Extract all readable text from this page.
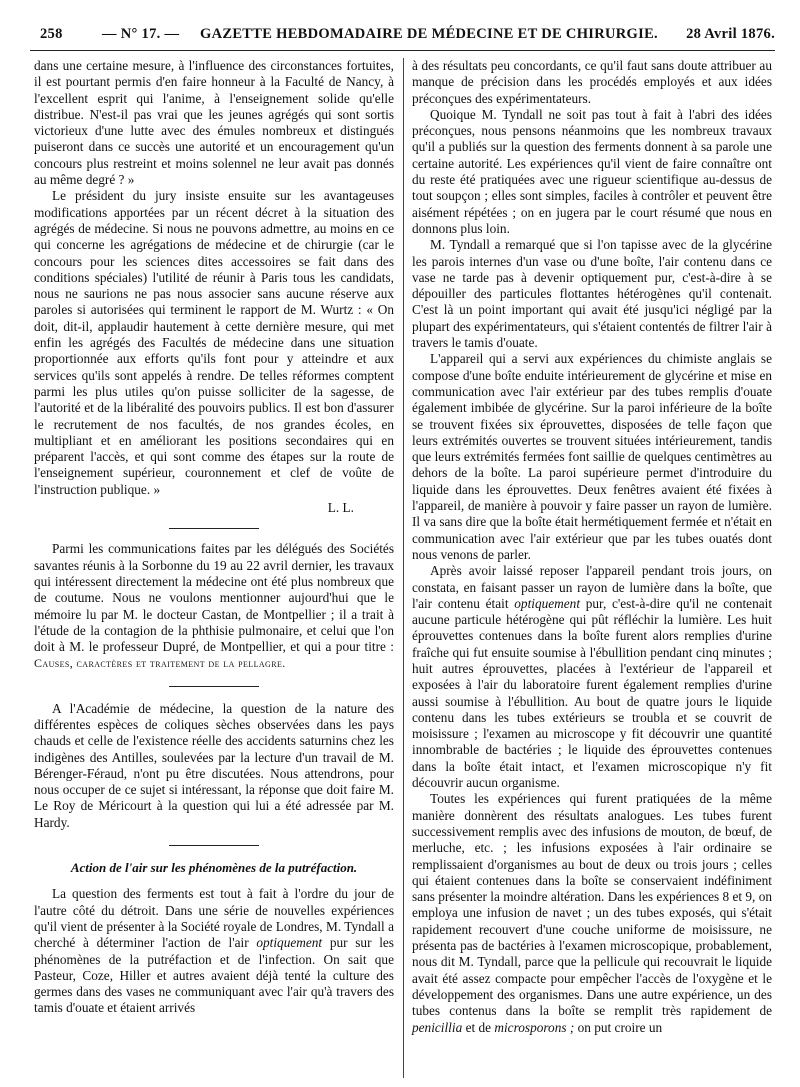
258	— N° 17. — GAZETTE HEBDOMADAIRE DE MÉDECINE ET DE CHIRURGIE. 28 Avril 1876.

dans une certaine mesure, à l'influence des circonstances fortuites, il est pourtant permis d'en faire honneur à la Faculté de Nancy, à l'excellent esprit qui l'anime, à l'enseignement solide qu'elle distribue. N'est-il pas vrai que les jeunes agrégés qui sont sortis victorieux d'une lutte avec des émules nombreux et distingués puiseront dans ce succès une autorité et un encouragement qu'un concours plus restreint et moins solennel ne leur avait pas donnés au même degré ? »

Le président du jury insiste ensuite sur les avantageuses modifications apportées par un récent décret à la situation des agrégés de médecine. Si nous ne pouvons admettre, au moins en ce qui concerne les agrégations de médecine et de chirurgie (car le concours pour les sciences dites accessoires se fait dans des conditions spéciales) l'utilité de réunir à Paris tous les candidats, nous ne saurions ne pas nous associer sans aucune réserve aux paroles si autorisées qui terminent le rapport de M. Wurtz : « On doit, dit-il, applaudir hautement à cette dernière mesure, qui met enfin les agrégés des Facultés de médecine dans une situation proportionnée aux efforts qu'ils font pour y atteindre et aux services qu'ils sont appelés à rendre. De telles réformes comptent parmi les plus utiles qu'on puisse solliciter de la sagesse, de l'autorité et de la libéralité des pouvoirs publics. Il est bon d'assurer le recrutement de nos facultés, de nos grandes écoles, en multipliant et en améliorant les positions secondaires qui en préparent l'accès, et qui sont comme des étapes sur la route de l'enseignement supérieur, couronnement et clef de voûte de l'instruction publique. »

L. L.

Parmi les communications faites par les délégués des Sociétés savantes réunis à la Sorbonne du 19 au 22 avril dernier, les travaux qui intéressent directement la médecine ont été plus nombreux que de coutume. Nous ne voulons mentionner aujourd'hui que le mémoire lu par M. le docteur Castan, de Montpellier ; il a trait à l'étude de la contagion de la phthisie pulmonaire, et celui que l'on doit à M. le professeur Dupré, de Montpellier, et qui a pour titre : Causes, caractères et traitement de la pellagre.

A l'Académie de médecine, la question de la nature des différentes espèces de coliques sèches observées dans les pays chauds et celle de l'existence réelle des accidents saturnins chez les indigènes des Antilles, soulevées par la lecture d'un travail de M. Bérenger-Féraud, n'ont pu être discutées. Nous attendrons, pour nous occuper de ce sujet si intéressant, la réponse que doit faire M. Le Roy de Méricourt à la question qui lui a été adressée par M. Hardy.

Action de l'air sur les phénomènes de la putréfaction.

La question des ferments est tout à fait à l'ordre du jour de l'autre côté du détroit. Dans une série de nouvelles expériences qu'il vient de présenter à la Société royale de Londres, M. Tyndall a cherché à déterminer l'action de l'air optiquement pur sur les phénomènes de la putréfaction et de l'infection. On sait que Pasteur, Coze, Hiller et autres avaient déjà tenté la culture des germes dans des vases ne communiquant avec l'air qu'à travers des tamis d'ouate et étaient arrivés

à des résultats peu concordants, ce qu'il faut sans doute attribuer au manque de précision dans les procédés employés et aux idées préconçues des expérimentateurs.

Quoique M. Tyndall ne soit pas tout à fait à l'abri des idées préconçues, nous pensons néanmoins que les nombreux travaux qu'il a publiés sur la question des ferments donnent à sa parole une certaine autorité. Les expériences qu'il vient de faire connaître ont du reste été pratiquées avec une rigueur scientifique au-dessus de tout soupçon ; elles sont simples, faciles à contrôler et peuvent être aisément répétées ; on en jugera par le court résumé que nous en donnons plus loin.

M. Tyndall a remarqué que si l'on tapisse avec de la glycérine les parois internes d'un vase ou d'une boîte, l'air contenu dans ce vase ne tarde pas à devenir optiquement pur, c'est-à-dire à se dépouiller des particules flottantes hétérogènes qu'il contenait. C'est là un point important qui avait été jusqu'ici négligé par la plupart des expérimentateurs, qui s'étaient contentés de filtrer l'air à travers le tamis d'ouate.

L'appareil qui a servi aux expériences du chimiste anglais se compose d'une boîte enduite intérieurement de glycérine et mise en communication avec l'air extérieur par des tubes remplis d'ouate également imbibée de glycérine. Sur la paroi inférieure de la boîte se trouvent fixées six éprouvettes, disposées de telle façon que leurs extrémités ouvertes se trouvent situées intérieurement, tandis que leurs extrémités fermées font saillie de quelques centimètres au dehors de la boîte. La paroi supérieure permet d'introduire du liquide dans les éprouvettes. Deux fenêtres avaient été fixées à l'appareil, de manière à pouvoir y faire passer un rayon de lumière. Il va sans dire que la boîte était hermétiquement fermée et n'était en communication avec l'air extérieur que par les tubes ouatés dont nous venons de parler.

Après avoir laissé reposer l'appareil pendant trois jours, on constata, en faisant passer un rayon de lumière dans la boîte, que l'air contenu était optiquement pur, c'est-à-dire qu'il ne contenait aucune particule hétérogène qui pût réfléchir la lumière. Les huit éprouvettes contenues dans la boîte furent alors remplies d'urine fraîche qui fut ensuite soumise à l'ébullition pendant cinq minutes ; huit autres éprouvettes, placées à l'extérieur de l'appareil et exposées à l'air du laboratoire furent également remplies d'urine aussi soumise à l'ébullition. Au bout de quatre jours le liquide contenu dans les tubes extérieurs se troubla et se couvrit de moisissure ; l'examen au microscope y fit découvrir une quantité innombrable de bactéries ; le liquide des éprouvettes contenues dans la boîte était intact, et l'examen microscopique n'y fit découvrir aucun organisme.

Toutes les expériences qui furent pratiquées de la même manière donnèrent des résultats analogues. Les tubes furent successivement remplis avec des infusions de mouton, de bœuf, de merluche, etc. ; les infusions exposées à l'air ordinaire se remplissaient d'organismes au bout de deux ou trois jours ; celles qui étaient contenues dans la boîte se conservaient indéfiniment sans présenter la moindre altération. Dans les expériences 8 et 9, on employa une infusion de navet ; un des tubes exposés, qui s'était rapidement recouvert d'une couche uniforme de moisissure, ne présenta pas de bactéries à l'examen microscopique, probablement, nous dit M. Tyndall, parce que la pellicule qui recouvrait le liquide avait été assez compacte pour empêcher l'accès de l'oxygène et le développement des organismes. Dans une autre expérience, un des tubes contenus dans la boîte se remplit très rapidement de penicillia et de microsporons ; on put croire un
